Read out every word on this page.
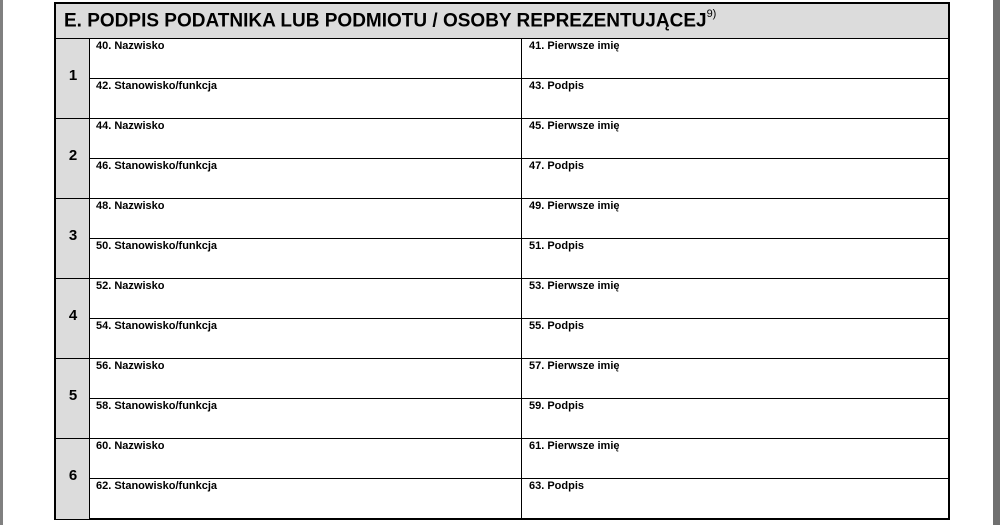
E. PODPIS PODATNIKA LUB PODMIOTU / OSOBY REPREZENTUJĄCEJ$^{9)}$
1
40. Nazwisko	41. Pierwsze imię
42. Stanowisko/funkcja	43. Podpis
2
44. Nazwisko	45. Pierwsze imię
46. Stanowisko/funkcja	47. Podpis
3
48. Nazwisko	49. Pierwsze imię
50. Stanowisko/funkcja	51. Podpis
4
52. Nazwisko	53. Pierwsze imię
54. Stanowisko/funkcja	55. Podpis
5
56. Nazwisko	57. Pierwsze imię
58. Stanowisko/funkcja	59. Podpis
6
60. Nazwisko	61. Pierwsze imię
62. Stanowisko/funkcja	63. Podpis
